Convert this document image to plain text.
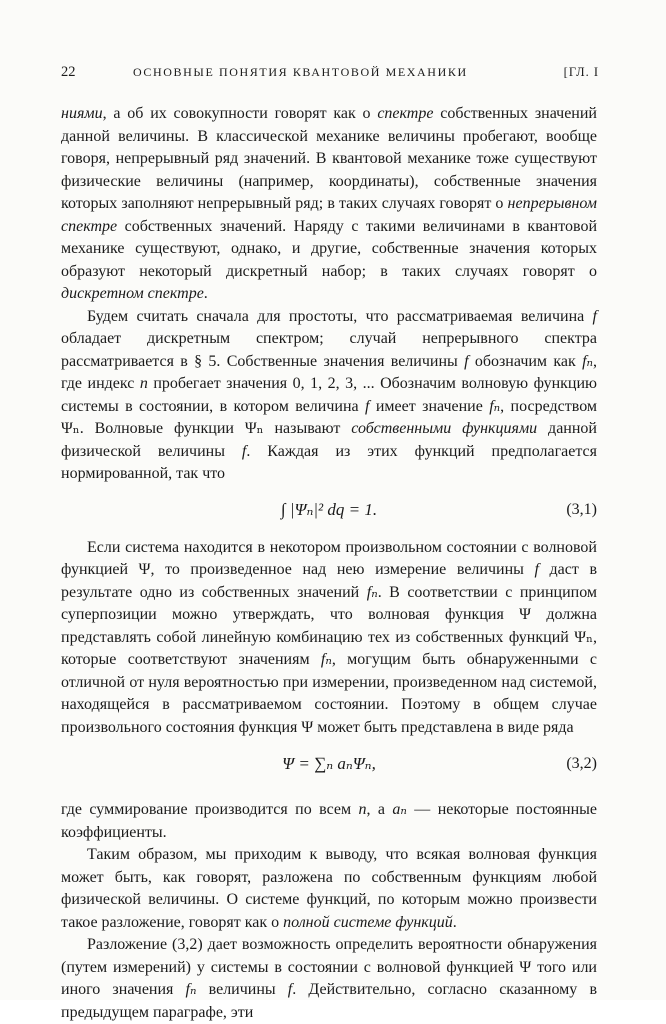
22	ОСНОВНЫЕ ПОНЯТИЯ КВАНТОВОЙ МЕХАНИКИ	[ГЛ. I

ниями, а об их совокупности говорят как о спектре собственных значений данной величины. В классической механике величины пробегают, вообще говоря, непрерывный ряд значений. В квантовой механике тоже существуют физические величины (например, координаты), собственные значения которых заполняют непрерывный ряд; в таких случаях говорят о непрерывном спектре собственных значений. Наряду с такими величинами в квантовой механике существуют, однако, и другие, собственные значения которых образуют некоторый дискретный набор; в таких случаях говорят о дискретном спектре.

Будем считать сначала для простоты, что рассматриваемая величина f обладает дискретным спектром; случай непрерывного спектра рассматривается в § 5. Собственные значения величины f обозначим как fₙ, где индекс n пробегает значения 0, 1, 2, 3, ... Обозначим волновую функцию системы в состоянии, в котором величина f имеет значение fₙ, посредством Ψₙ. Волновые функции Ψₙ называют собственными функциями данной физической величины f. Каждая из этих функций предполагается нормированной, так что

∫ |Ψₙ|² dq = 1.	(3,1)

Если система находится в некотором произвольном состоянии с волновой функцией Ψ, то произведенное над нею измерение величины f даст в результате одно из собственных значений fₙ. В соответствии с принципом суперпозиции можно утверждать, что волновая функция Ψ должна представлять собой линейную комбинацию тех из собственных функций Ψₙ, которые соответствуют значениям fₙ, могущим быть обнаруженными с отличной от нуля вероятностью при измерении, произведенном над системой, находящейся в рассматриваемом состоянии. Поэтому в общем случае произвольного состояния функция Ψ может быть представлена в виде ряда

Ψ = ∑ₙ aₙΨₙ,	(3,2)

где суммирование производится по всем n, а aₙ — некоторые постоянные коэффициенты.

Таким образом, мы приходим к выводу, что всякая волновая функция может быть, как говорят, разложена по собственным функциям любой физической величины. О системе функций, по которым можно произвести такое разложение, говорят как о полной системе функций.

Разложение (3,2) дает возможность определить вероятности обнаружения (путем измерений) у системы в состоянии с волновой функцией Ψ того или иного значения fₙ величины f. Действительно, согласно сказанному в предыдущем параграфе, эти
